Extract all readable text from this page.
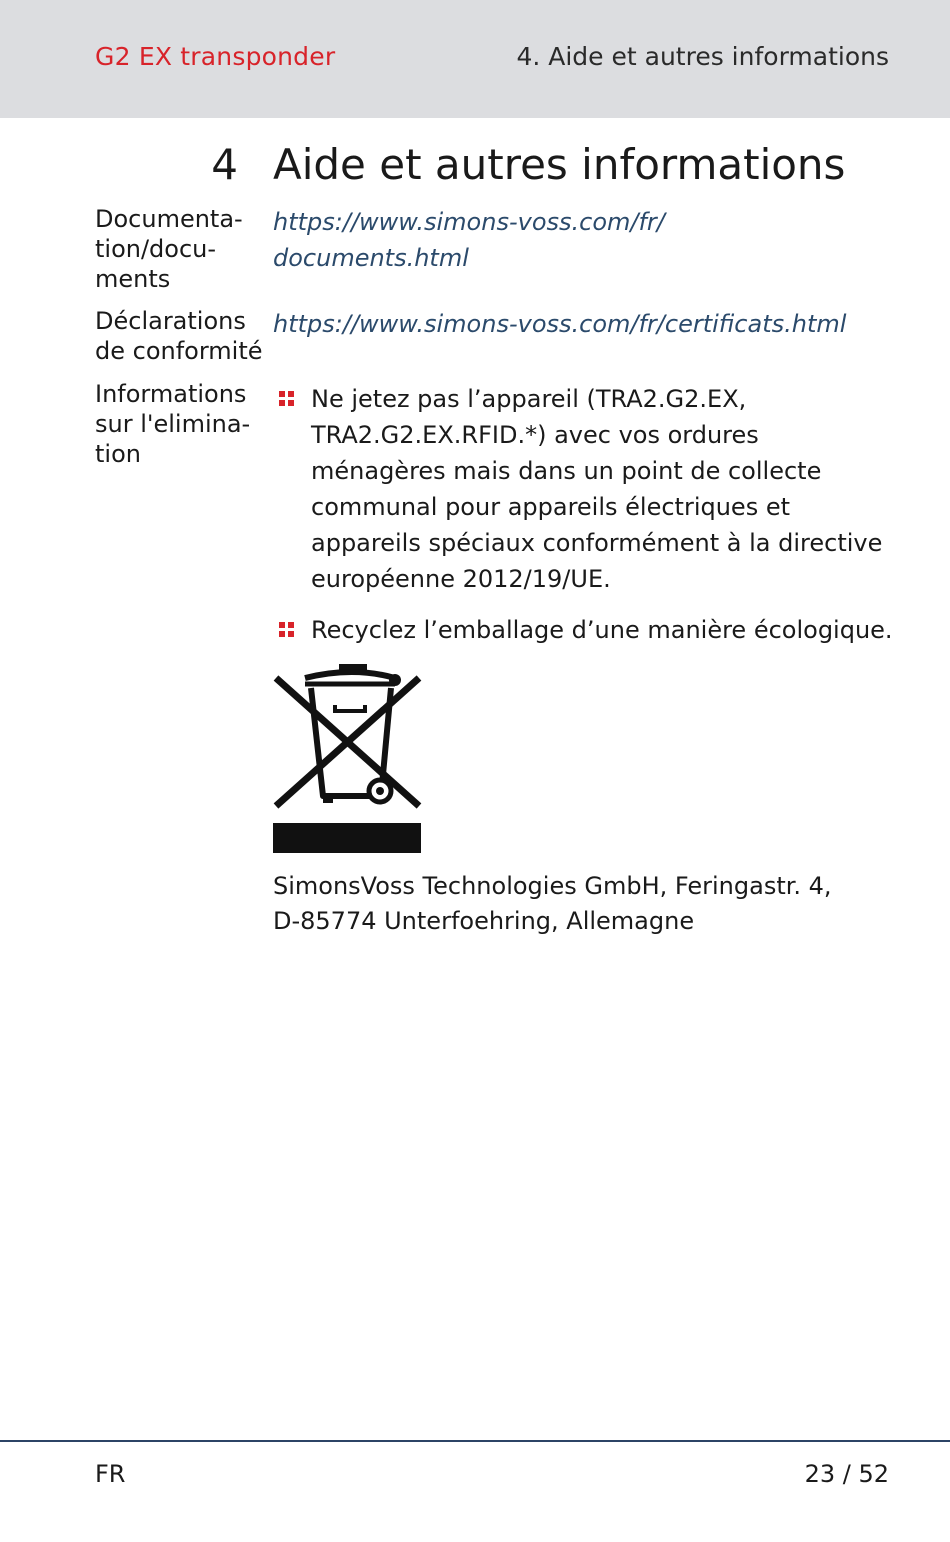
G2 EX transponder	4. Aide et autres informations
4 Aide et autres informations
Documenta-
tion/docu-
ments
https://www.simons-voss.com/fr/
documents.html
Déclarations
de conformité
https://www.simons-voss.com/fr/certificats.html
Informations
sur l'elimina-
tion
Ne jetez pas l’appareil (TRA2.G2.EX,
TRA2.G2.EX.RFID.*) avec vos ordures
ménagères mais dans un point de collecte
communal pour appareils électriques et
appareils spéciaux conformément à la directive
européenne 2012/19/UE.
Recyclez l’emballage d’une manière écologique.
SimonsVoss Technologies GmbH, Feringastr. 4,
D-85774 Unterfoehring, Allemagne
FR	23 / 52
